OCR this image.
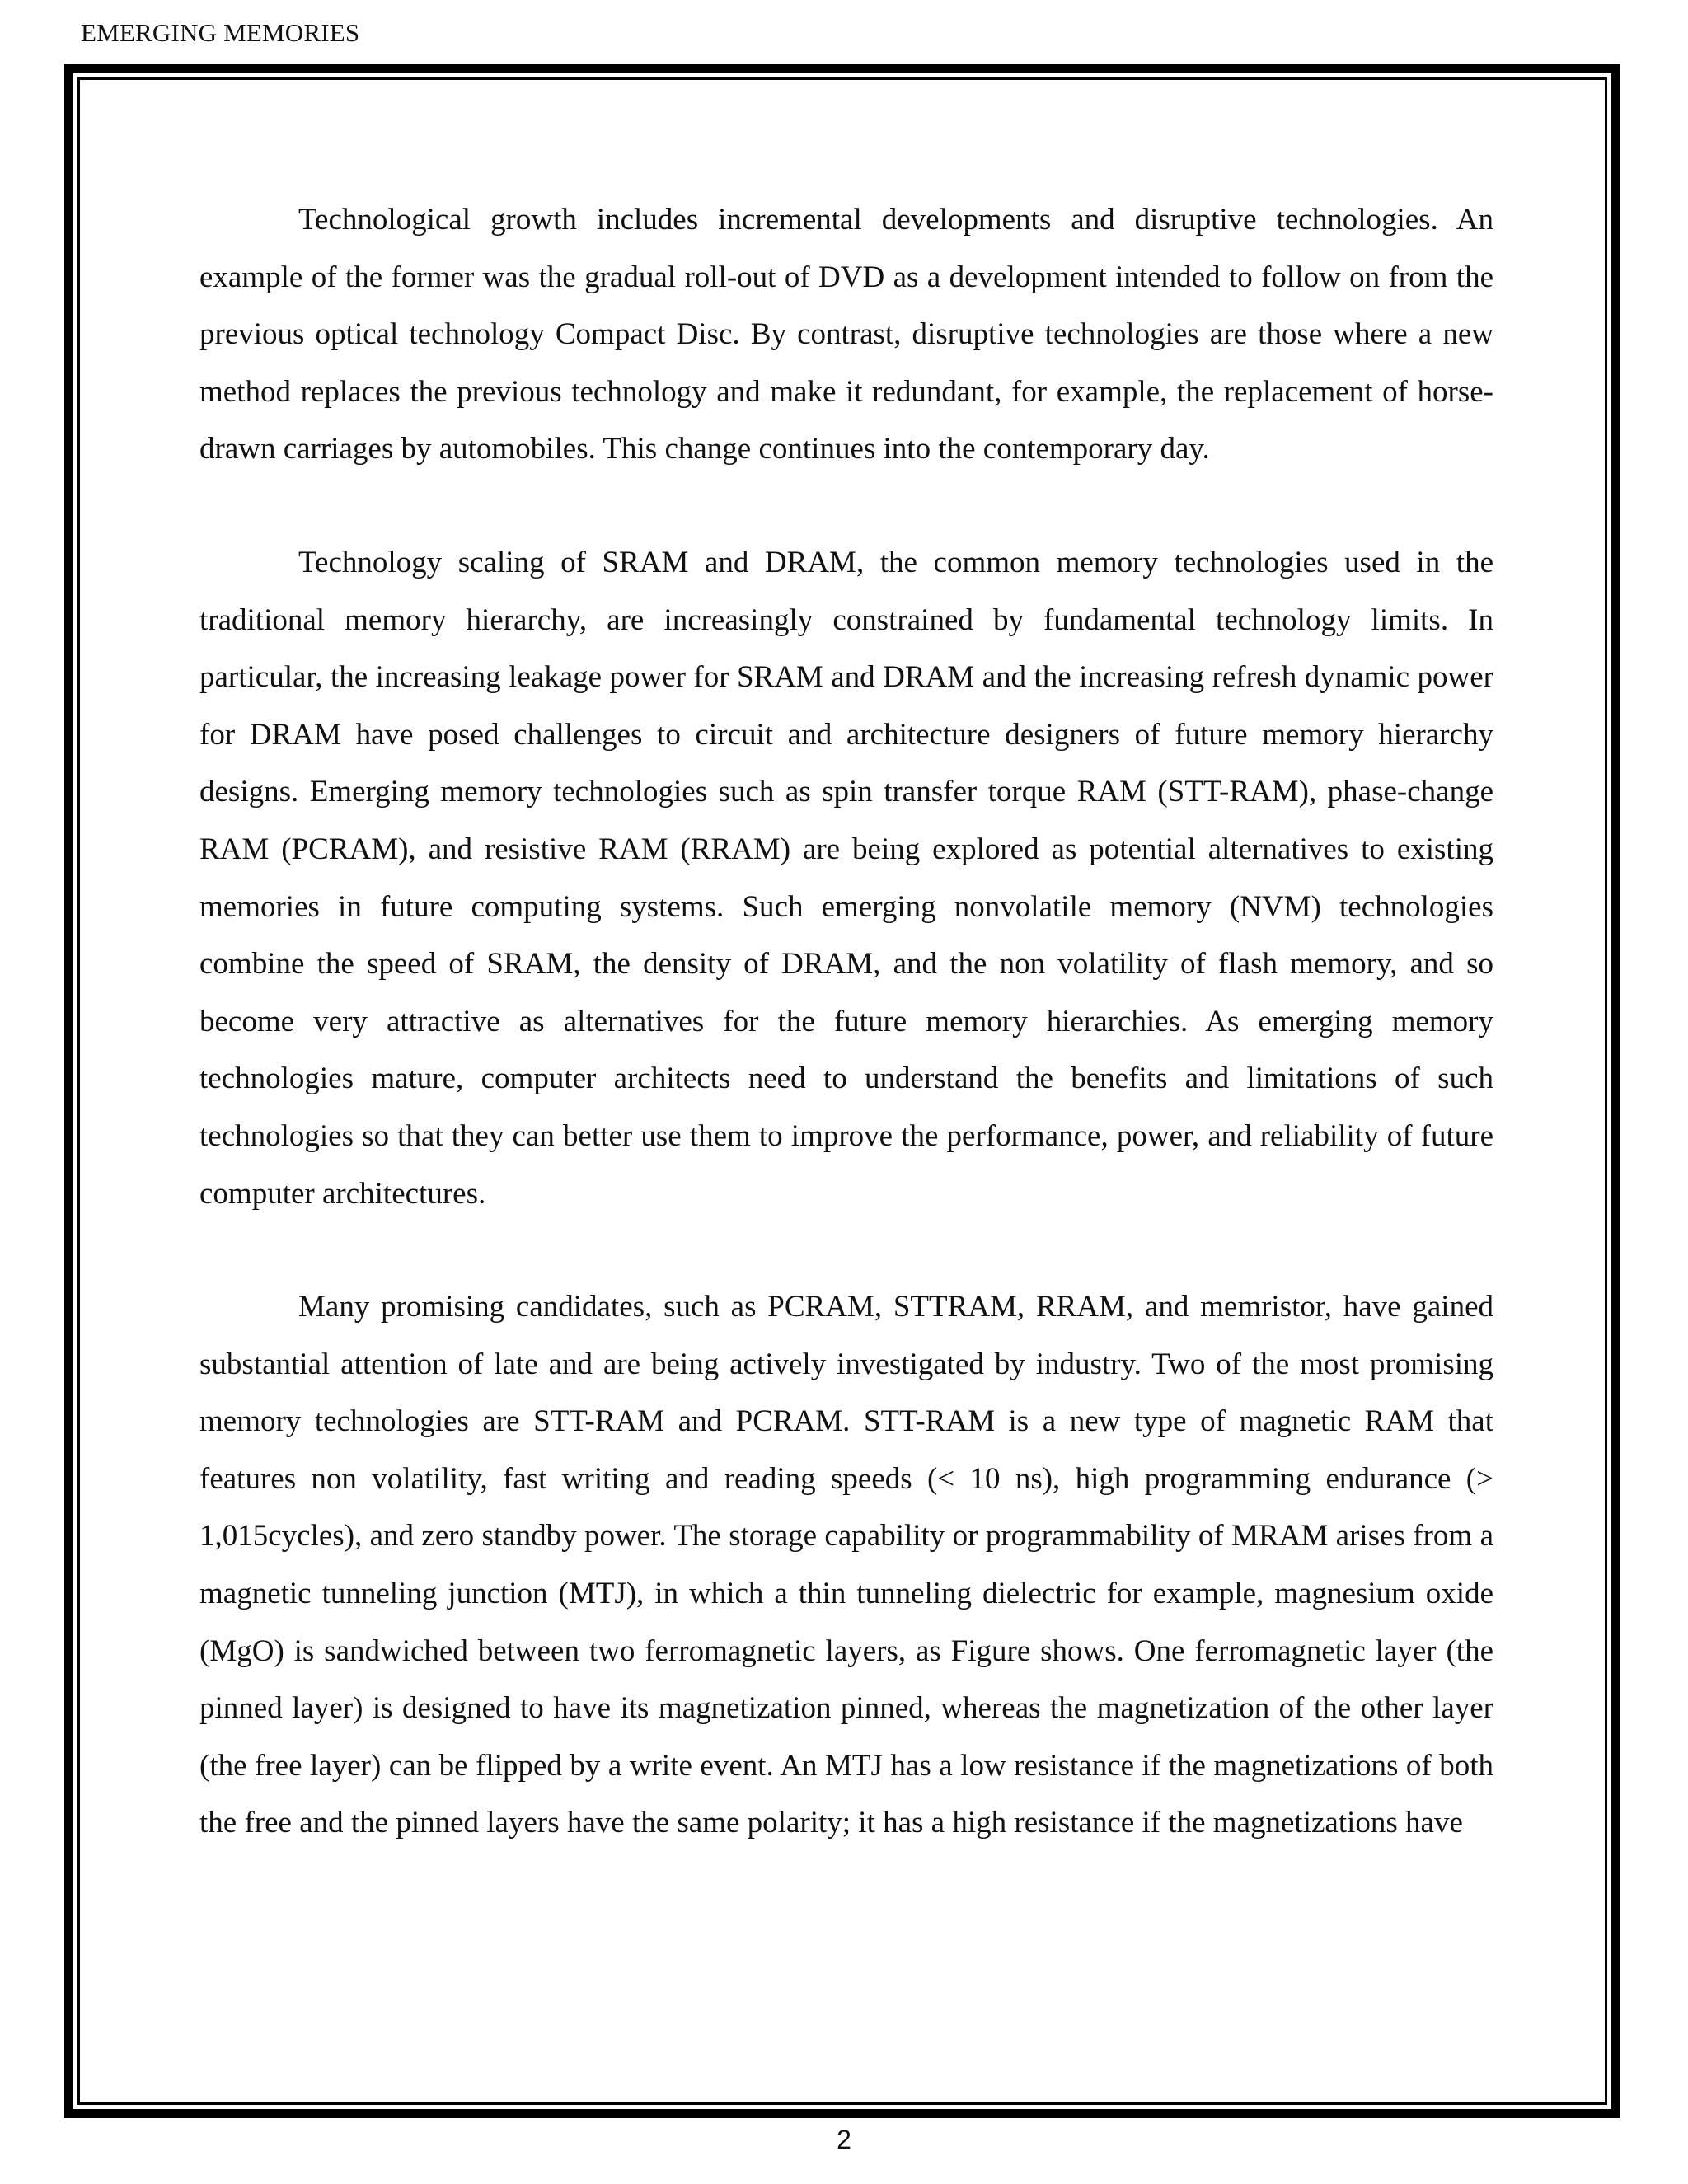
EMERGING MEMORIES

Technological growth includes incremental developments and disruptive technologies. An example of the former was the gradual roll-out of DVD as a development intended to follow on from the previous optical technology Compact Disc. By contrast, disruptive technologies are those where a new method replaces the previous technology and make it redundant, for example, the replacement of horse-drawn carriages by automobiles. This change continues into the contemporary day.

Technology scaling of SRAM and DRAM, the common memory technologies used in the traditional memory hierarchy, are increasingly constrained by fundamental technology limits. In particular, the increasing leakage power for SRAM and DRAM and the increasing refresh dynamic power for DRAM have posed challenges to circuit and architecture designers of future memory hierarchy designs. Emerging memory technologies such as spin transfer torque RAM (STT-RAM), phase-change RAM (PCRAM), and resistive RAM (RRAM) are being explored as potential alternatives to existing memories in future computing systems. Such emerging nonvolatile memory (NVM) technologies combine the speed of SRAM, the density of DRAM, and the non volatility of flash memory, and so become very attractive as alternatives for the future memory hierarchies. As emerging memory technologies mature, computer architects need to understand the benefits and limitations of such technologies so that they can better use them to improve the performance, power, and reliability of future computer architectures.

Many promising candidates, such as PCRAM, STTRAM, RRAM, and memristor, have gained substantial attention of late and are being actively investigated by industry. Two of the most promising memory technologies are STT-RAM and PCRAM. STT-RAM is a new type of magnetic RAM that features non volatility, fast writing and reading speeds (< 10 ns), high programming endurance (> 1,015cycles), and zero standby power. The storage capability or programmability of MRAM arises from a magnetic tunneling junction (MTJ), in which a thin tunneling dielectric for example, magnesium oxide (MgO) is sandwiched between two ferromagnetic layers, as Figure shows. One ferromagnetic layer (the pinned layer) is designed to have its magnetization pinned, whereas the magnetization of the other layer (the free layer) can be flipped by a write event. An MTJ has a low resistance if the magnetizations of both the free and the pinned layers have the same polarity; it has a high resistance if the magnetizations have

2
